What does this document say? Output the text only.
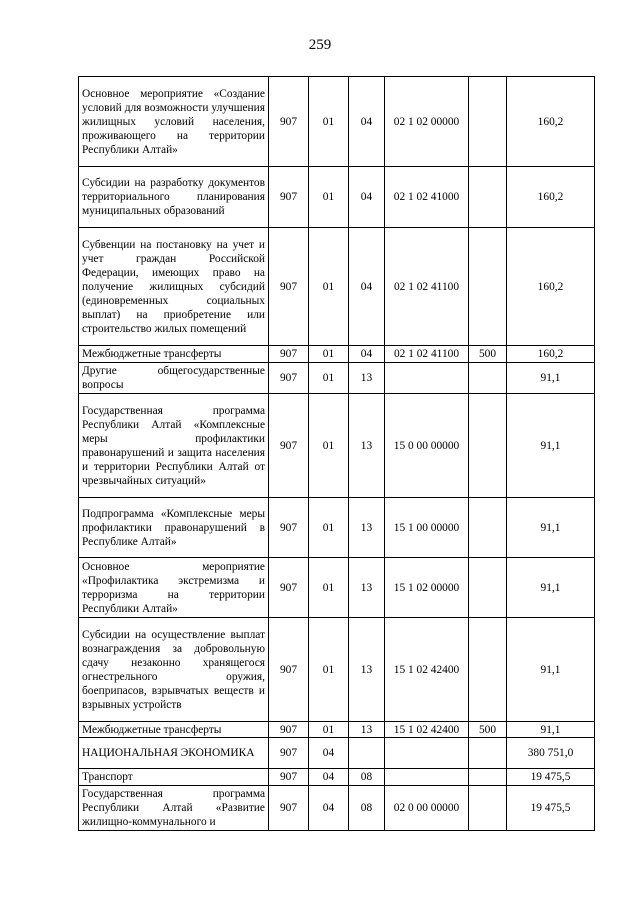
259
Основное мероприятие «Создание условий для возможности улучшения жилищных условий населения, проживающего на территории Республики Алтай»	907	01	04	02 1 02 00000		160,2
Субсидии на разработку документов территориального планирования муниципальных образований	907	01	04	02 1 02 41000		160,2
Субвенции на постановку на учет и учет граждан Российской Федерации, имеющих право на получение жилищных субсидий (единовременных социальных выплат) на приобретение или строительство жилых помещений	907	01	04	02 1 02 41100		160,2
Межбюджетные трансферты	907	01	04	02 1 02 41100	500	160,2
Другие общегосударственные вопросы	907	01	13			91,1
Государственная программа Республики Алтай «Комплексные меры профилактики правонарушений и защита населения и территории Республики Алтай от чрезвычайных ситуаций»	907	01	13	15 0 00 00000		91,1
Подпрограмма «Комплексные меры профилактики правонарушений в Республике Алтай»	907	01	13	15 1 00 00000		91,1
Основное мероприятие «Профилактика экстремизма и терроризма на территории Республики Алтай»	907	01	13	15 1 02 00000		91,1
Субсидии на осуществление выплат вознаграждения за добровольную сдачу незаконно хранящегося огнестрельного оружия, боеприпасов, взрывчатых веществ и взрывных устройств	907	01	13	15 1 02 42400		91,1
Межбюджетные трансферты	907	01	13	15 1 02 42400	500	91,1
НАЦИОНАЛЬНАЯ ЭКОНОМИКА	907	04				380 751,0
Транспорт	907	04	08			19 475,5
Государственная программа Республики Алтай «Развитие жилищно-коммунального и	907	04	08	02 0 00 00000		19 475,5
